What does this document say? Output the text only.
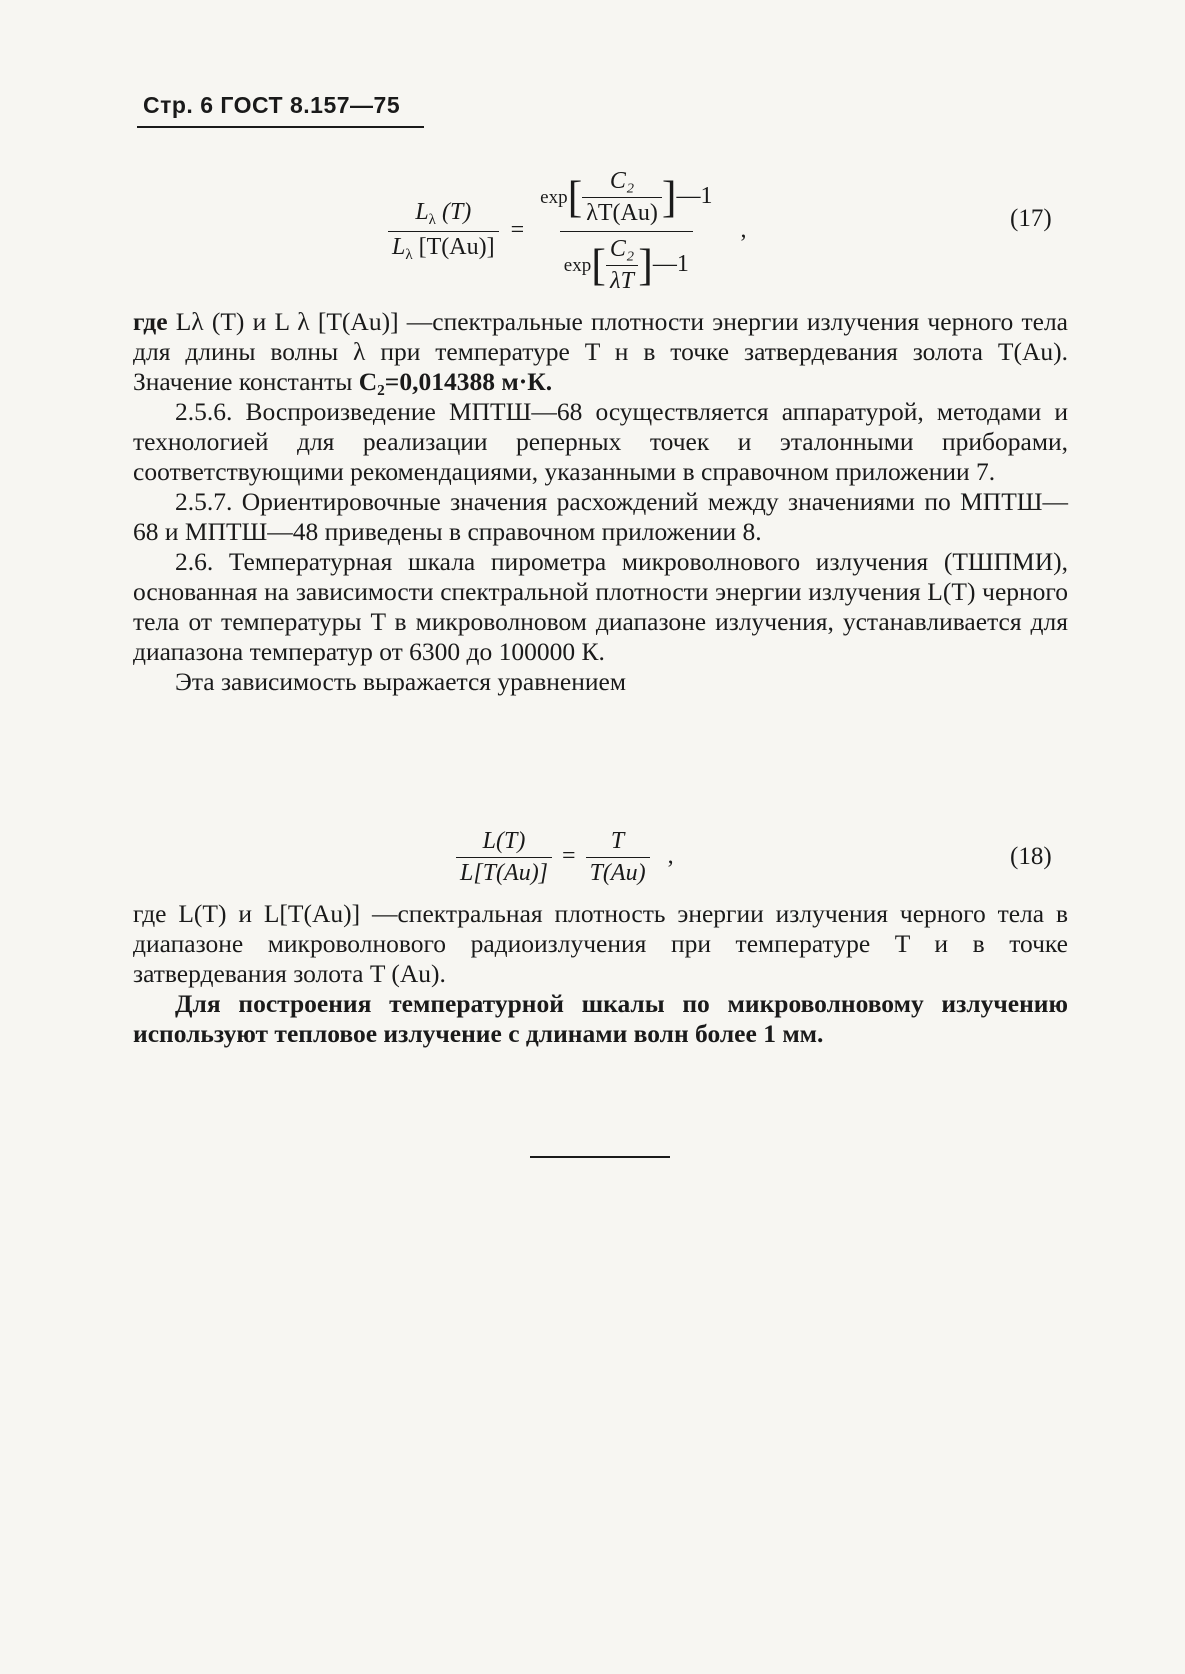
Стр. 6 ГОСТ 8.157—75
$\frac{L_\lambda (T)}{L_\lambda [T(Au)]} = \frac{\exp[ \frac{\text{C₂}}{\lambda T(Au)} ]—1}{\exp[ \frac{\text{C₂}}{\lambda T} ]—1}$ ,	(17)

где Lλ (T) и L λ [T(Au)] —спектральные плотности энергии излучения черного тела для длины волны λ при температуре T н в точке затвердевания золота T(Au). Значение константы C₂=0,014388 м·К.

2.5.6. Воспроизведение МПТШ—68 осуществляется аппаратурой, методами и технологией для реализации реперных точек и эталонными приборами, соответствующими рекомендациями, указанными в справочном приложении 7.

2.5.7. Ориентировочные значения расхождений между значениями по МПТШ—68 и МПТШ—48 приведены в справочном приложении 8.

2.6. Температурная шкала пирометра микроволнового излучения (ТШПМИ), основанная на зависимости спектральной плотности энергии излучения L(T) черного тела от температуры T в микроволновом диапазоне излучения, устанавливается для диапазона температур от 6300 до 100000 К.

Эта зависимость выражается уравнением

$\frac{L(T)}{L[T(Au)]} = \frac{T}{T(Au)}$ ,	(18)

где L(T) и L[T(Au)] —спектральная плотность энергии излучения черного тела в диапазоне микроволнового радиоизлучения при температуре T и в точке затвердевания золота T (Au).

Для построения температурной шкалы по микроволновому излучению используют тепловое излучение с длинами волн более 1 мм.
